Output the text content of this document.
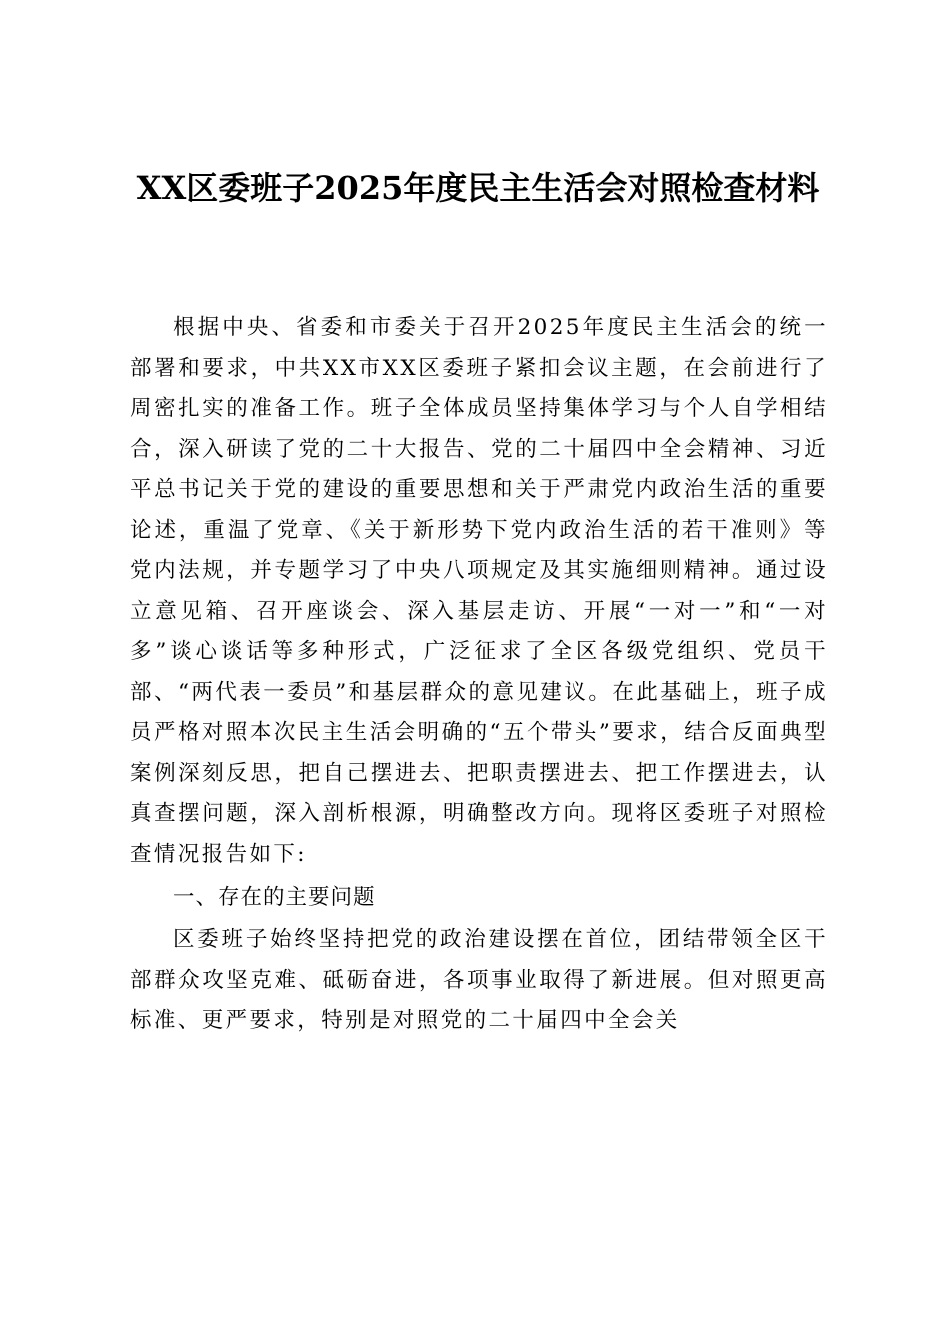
XX区委班子2025年度民主生活会对照检查材料

根据中央、省委和市委关于召开2025年度民主生活会的统一部署和要求，中共XX市XX区委班子紧扣会议主题，在会前进行了周密扎实的准备工作。班子全体成员坚持集体学习与个人自学相结合，深入研读了党的二十大报告、党的二十届四中全会精神、习近平总书记关于党的建设的重要思想和关于严肃党内政治生活的重要论述，重温了党章、《关于新形势下党内政治生活的若干准则》等党内法规，并专题学习了中央八项规定及其实施细则精神。通过设立意见箱、召开座谈会、深入基层走访、开展“一对一”和“一对多”谈心谈话等多种形式，广泛征求了全区各级党组织、党员干部、“两代表一委员”和基层群众的意见建议。在此基础上，班子成员严格对照本次民主生活会明确的“五个带头”要求，结合反面典型案例深刻反思，把自己摆进去、把职责摆进去、把工作摆进去，认真查摆问题，深入剖析根源，明确整改方向。现将区委班子对照检查情况报告如下:

一、存在的主要问题

区委班子始终坚持把党的政治建设摆在首位，团结带领全区干部群众攻坚克难、砥砺奋进，各项事业取得了新进展。但对照更高标准、更严要求，特别是对照党的二十届四中全会关
